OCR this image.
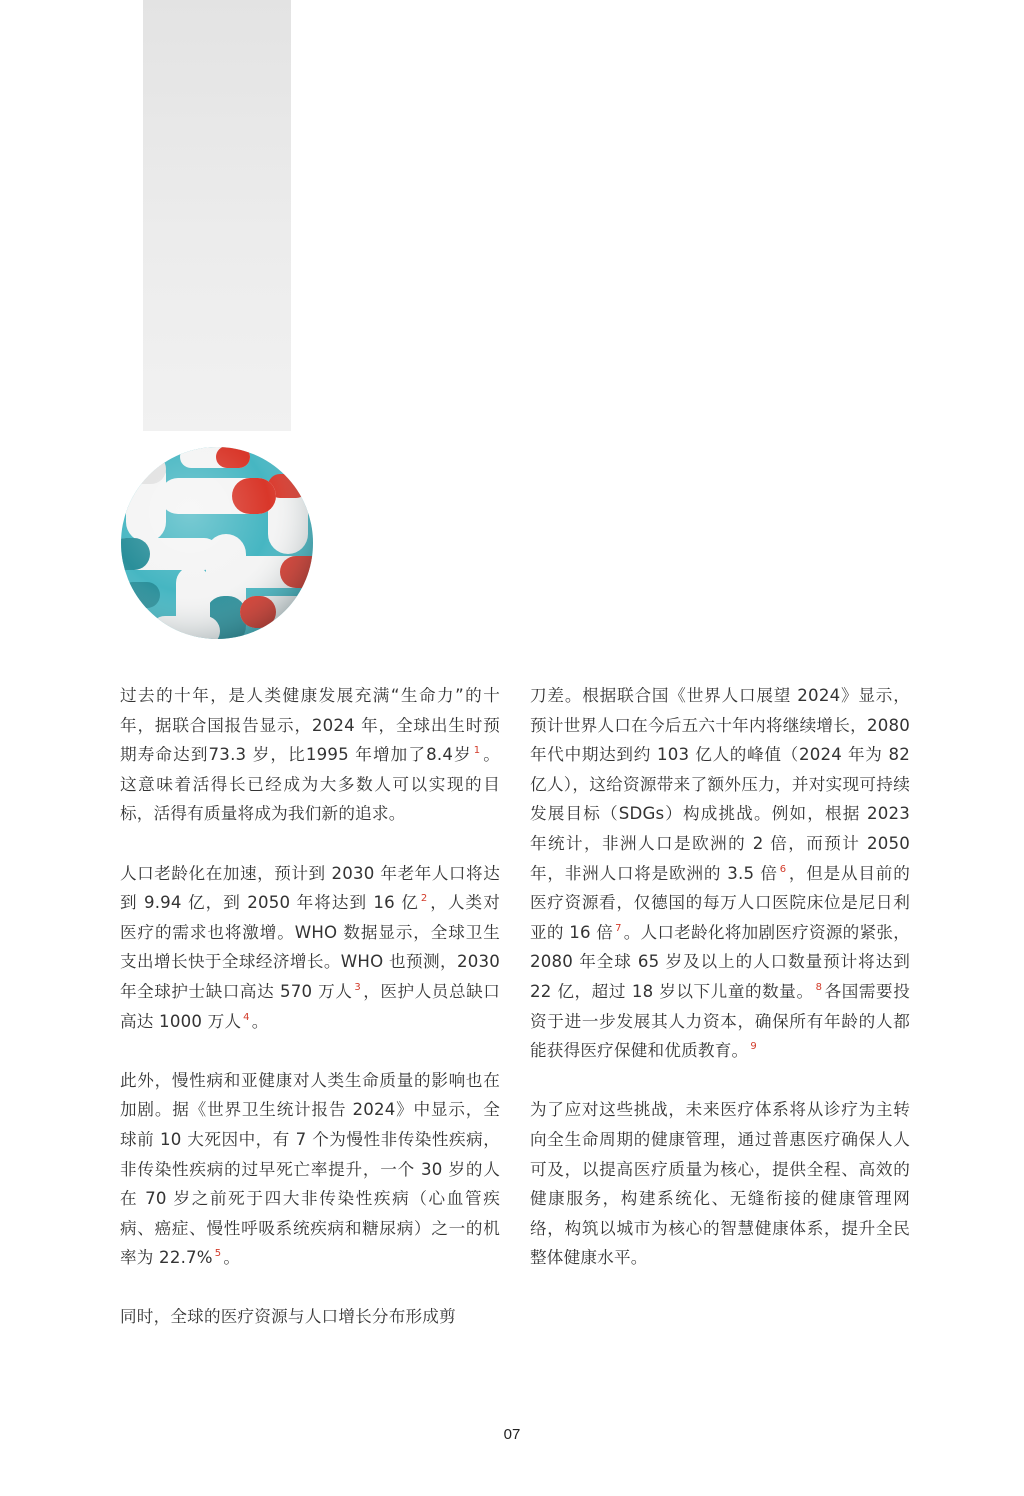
过去的十年，是人类健康发展充满“生命力”的十年，据联合国报告显示，2024 年，全球出生时预期寿命达到73.3 岁，比1995 年增加了8.4岁 $^1$ 。这意味着活得长已经成为大多数人可以实现的目标，活得有质量将成为我们新的追求。

人口老龄化在加速，预计到 2030 年老年人口将达到 9.94 亿，到 2050 年将达到 16 亿 $^2$ ，人类对医疗的需求也将激增。WHO 数据显示，全球卫生支出增长快于全球经济增长。WHO 也预测，2030 年全球护士缺口高达 570 万人 $^3$ ，医护人员总缺口高达 1000 万人 $^4$ 。

此外，慢性病和亚健康对人类生命质量的影响也在加剧。据《世界卫生统计报告 2024》中显示，全球前 10 大死因中，有 7 个为慢性非传染性疾病，非传染性疾病的过早死亡率提升，一个 30 岁的人在 70 岁之前死于四大非传染性疾病（心血管疾病、癌症、慢性呼吸系统疾病和糖尿病）之一的机率为 22.7% $^5$ 。

同时，全球的医疗资源与人口增长分布形成剪

刀差。根据联合国《世界人口展望 2024》显示，预计世界人口在今后五六十年内将继续增长，2080 年代中期达到约 103 亿人的峰值（2024 年为 82 亿人），这给资源带来了额外压力，并对实现可持续发展目标（SDGs）构成挑战。例如，根据 2023 年统计，非洲人口是欧洲的 2 倍，而预计 2050 年，非洲人口将是欧洲的 3.5 倍 $^6$ ，但是从目前的医疗资源看，仅德国的每万人口医院床位是尼日利亚的 16 倍 $^7$ 。人口老龄化将加剧医疗资源的紧张，2080 年全球 65 岁及以上的人口数量预计将达到 22 亿，超过 18 岁以下儿童的数量。 $^8$ 各国需要投资于进一步发展其人力资本，确保所有年龄的人都能获得医疗保健和优质教育。 $^9$

为了应对这些挑战，未来医疗体系将从诊疗为主转向全生命周期的健康管理，通过普惠医疗确保人人可及，以提高医疗质量为核心，提供全程、高效的健康服务，构建系统化、无缝衔接的健康管理网络，构筑以城市为核心的智慧健康体系，提升全民整体健康水平。

07
